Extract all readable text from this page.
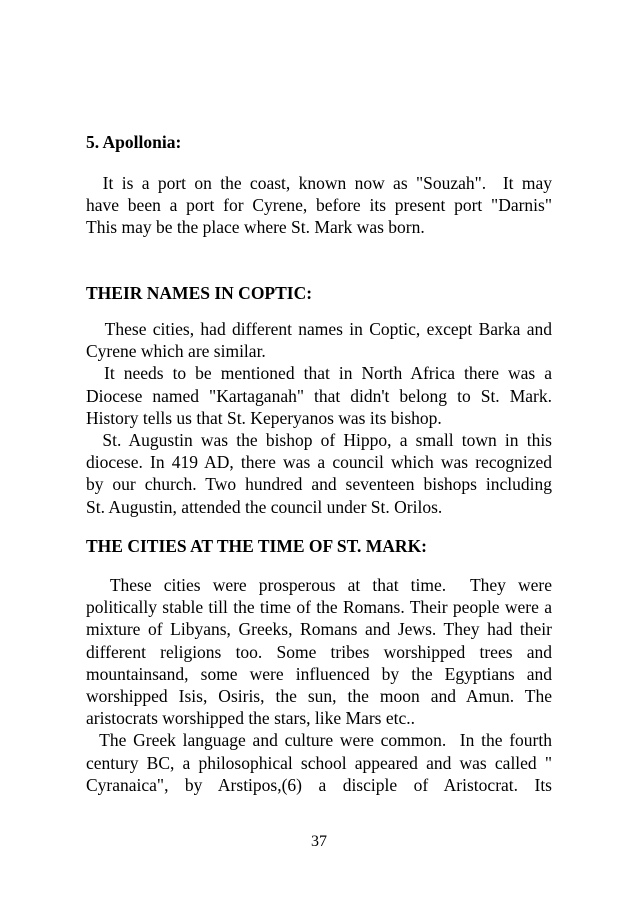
5. Apollonia:
It is a port on the coast, known now as "Souzah".  It may
have been a port for Cyrene, before its present port "Darnis"
This may be the place where St. Mark was born.
THEIR NAMES IN COPTIC:
These cities, had different names in Coptic, except Barka and
Cyrene which are similar.
It needs to be mentioned that in North Africa there was a
Diocese named "Kartaganah" that didn't belong to St. Mark.
History tells us that St. Keperyanos was its bishop.
St. Augustin was the bishop of Hippo, a small town in this
diocese. In 419 AD, there was a council which was recognized
by our church. Two hundred and seventeen bishops including
St. Augustin, attended the council under St. Orilos.
THE CITIES AT THE TIME OF ST. MARK:
These cities were prosperous at that time.  They were
politically stable till the time of the Romans. Their people were a
mixture of Libyans, Greeks, Romans and Jews. They had their
different religions too. Some tribes worshipped trees and
mountainsand, some were influenced by the Egyptians and
worshipped Isis, Osiris, the sun, the moon and Amun. The
aristocrats worshipped the stars, like Mars etc..
The Greek language and culture were common.  In the fourth
century BC, a philosophical school appeared and was called "
Cyranaica", by Arstipos,(6) a disciple of Aristocrat. Its
37
